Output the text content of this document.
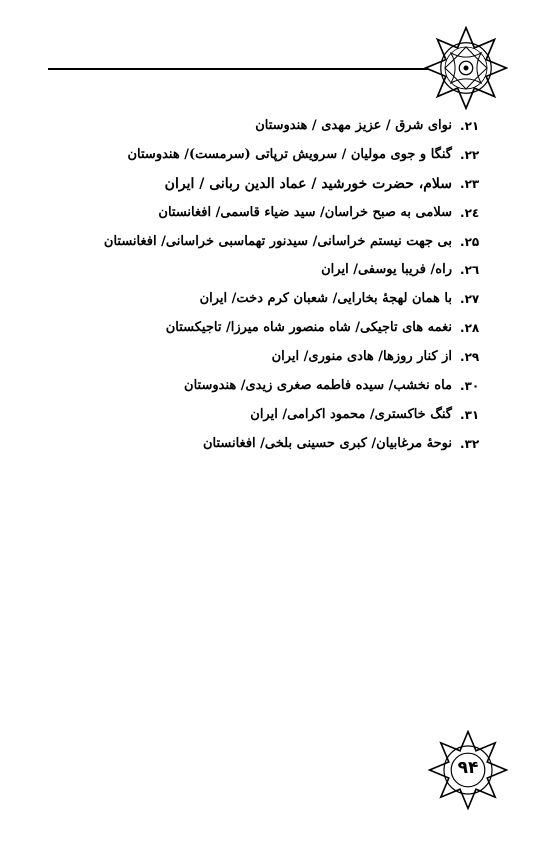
۲۱.
نوای شرق / عزیز مهدی / هندوستان
۲۲.
گنگا و جوی مولیان / سرویش ترپاتی (سرمست)/ هندوستان
۲۳.
سلام، حضرت خورشید / عماد الدین ربانی / ایران
۲٤.
سلامی به صبح خراسان/ سید ضیاء قاسمی/ افغانستان
۲۵.
بی جهت نیستم خراسانی/ سیدنور تهماسبی خراسانی/ افغانستان
۲٦.
راه/ فریبا یوسفی/ ایران
۲۷.
با همان لهجهٔ بخارایی/ شعبان کرم دخت/ ایران
۲۸.
نغمه های تاجیکی/ شاه منصور شاه میرزا/ تاجیکستان
۲۹.
از کنار روزها/ هادی منوری/ ایران
۳۰.
ماه نخشب/ سیده فاطمه صغری زیدی/ هندوستان
۳۱.
گنگ خاکستری/ محمود اکرامی/ ایران
۳۲.
نوحهٔ مرغابیان/ کبری حسینی بلخی/ افغانستان
۹۴
